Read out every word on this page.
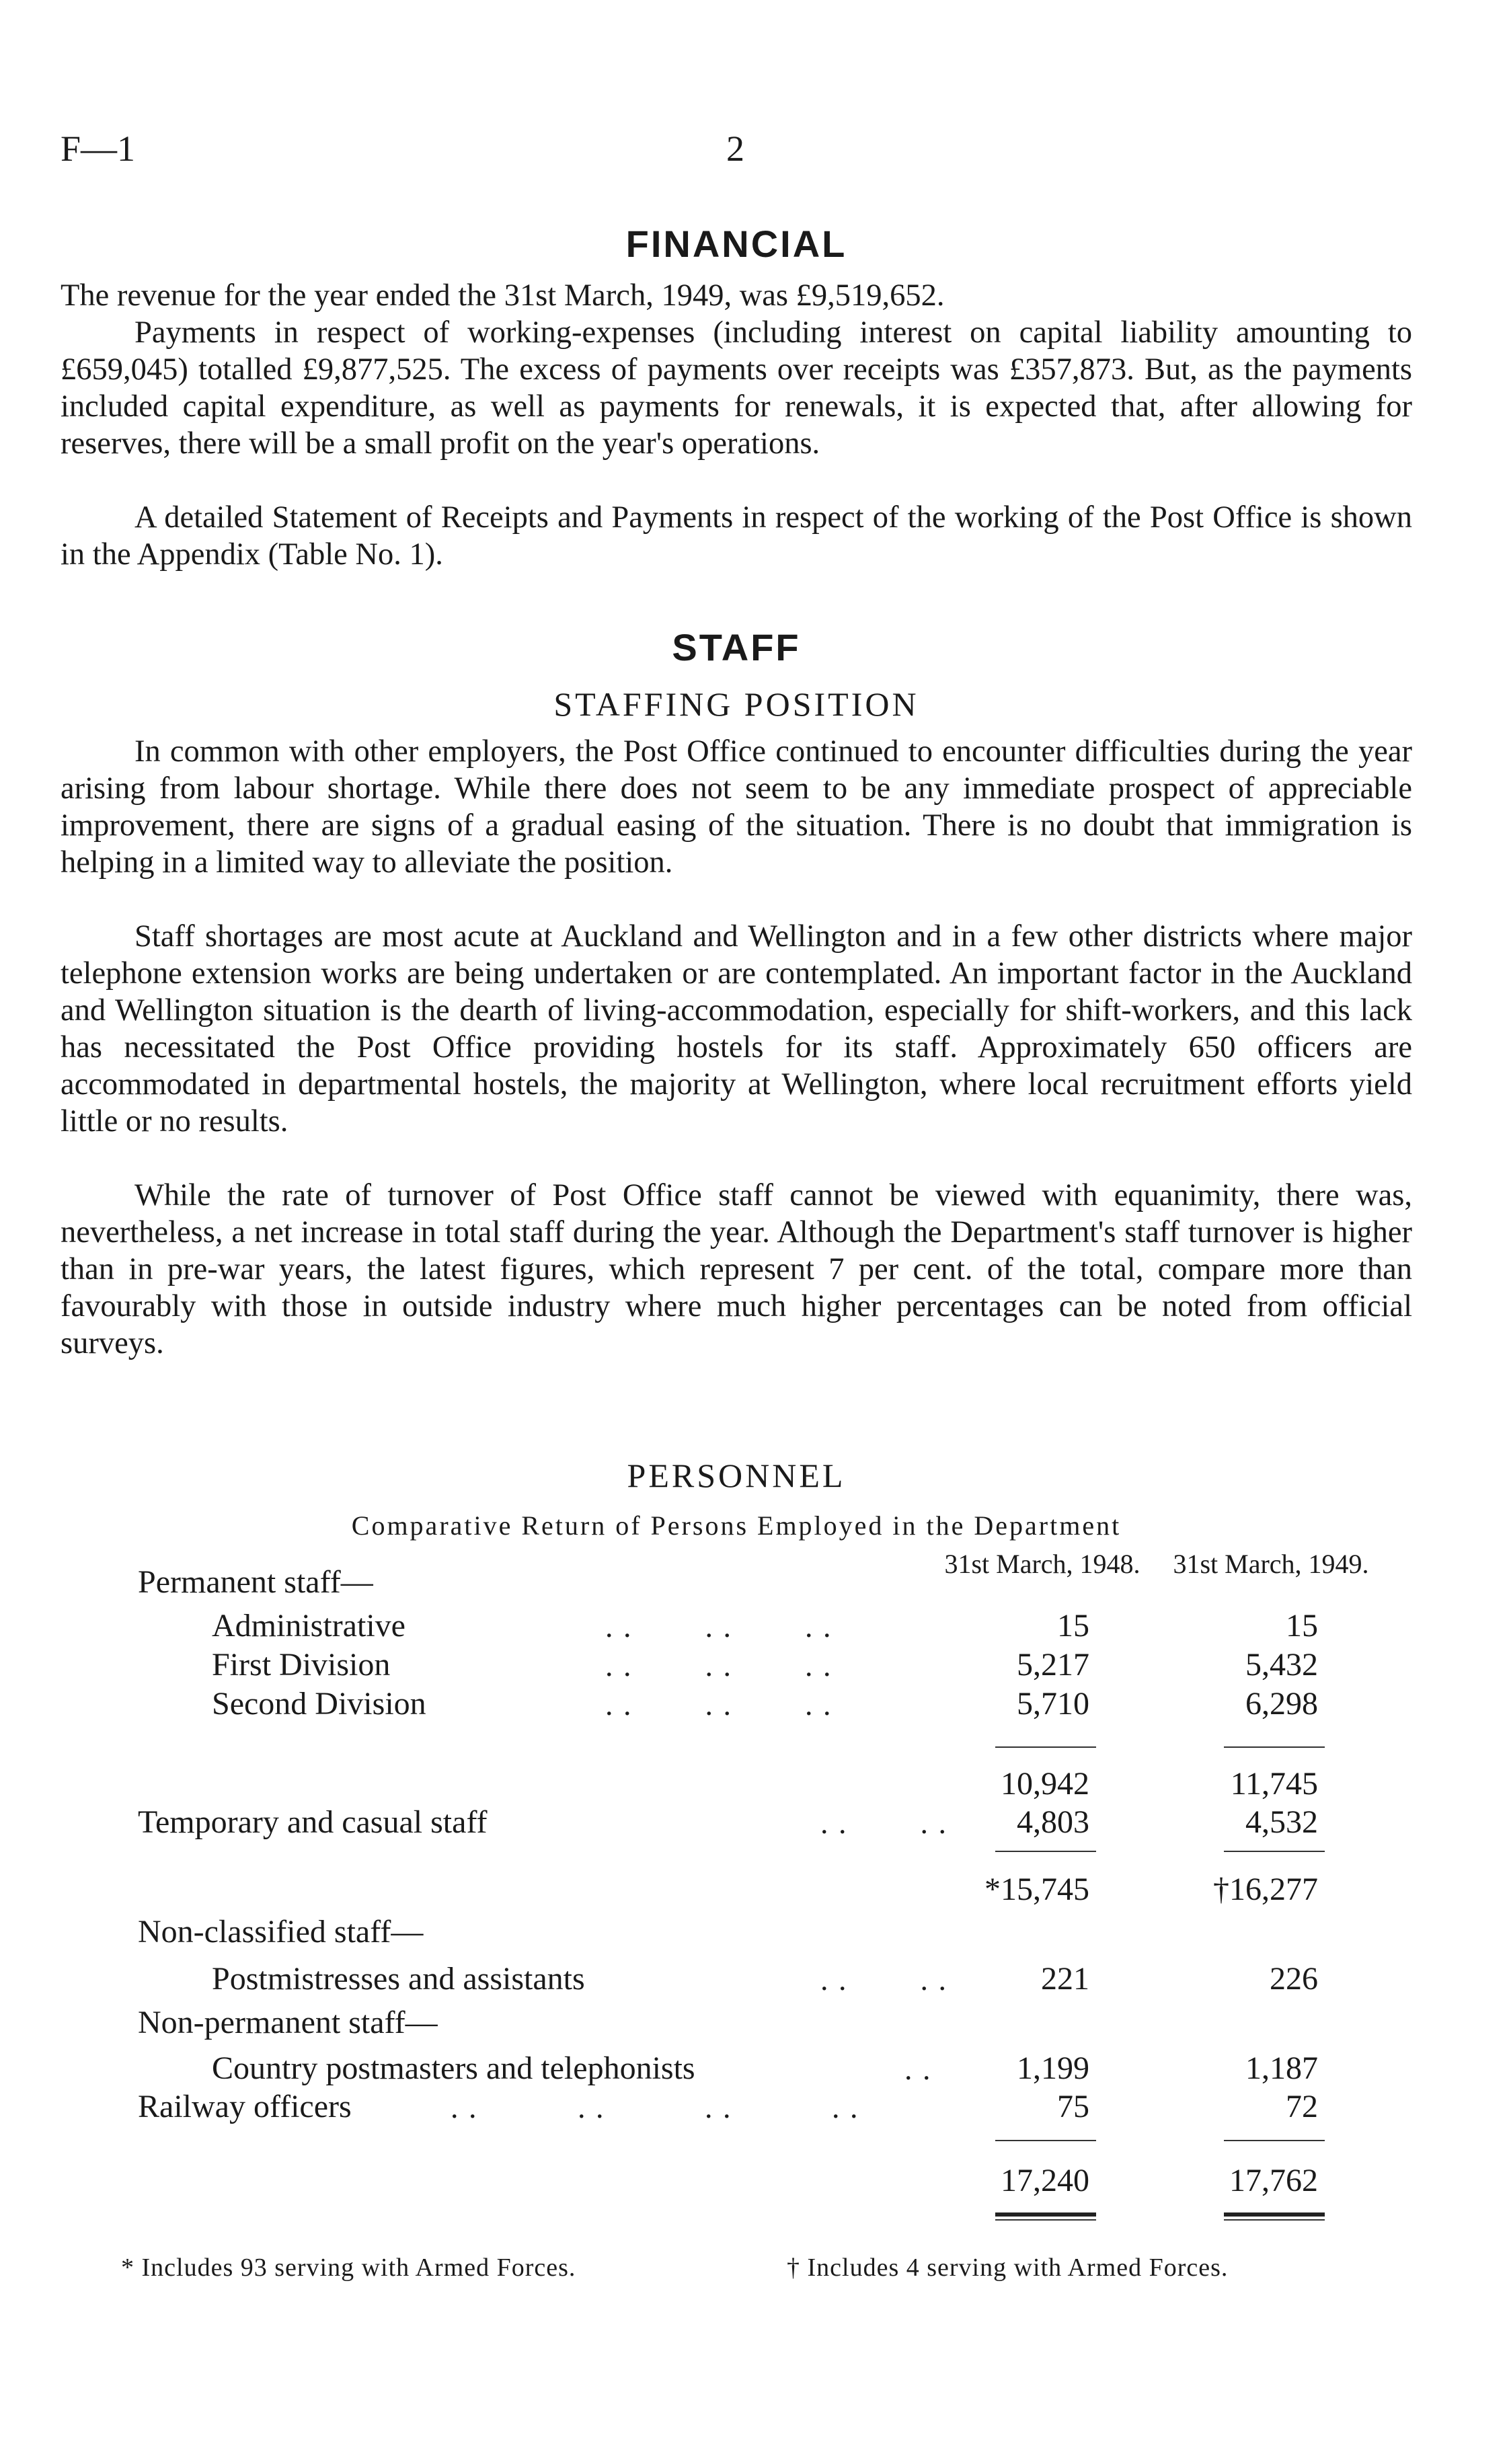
F—1	2
FINANCIAL
The revenue for the year ended the 31st March, 1949, was £9,519,652.
Payments in respect of working-expenses (including interest on capital liability amounting to £659,045) totalled £9,877,525. The excess of payments over receipts was £357,873. But, as the payments included capital expenditure, as well as payments for renewals, it is expected that, after allowing for reserves, there will be a small profit on the year's operations.
A detailed Statement of Receipts and Payments in respect of the working of the Post Office is shown in the Appendix (Table No. 1).
STAFF
STAFFING POSITION
In common with other employers, the Post Office continued to encounter difficulties during the year arising from labour shortage. While there does not seem to be any immediate prospect of appreciable improvement, there are signs of a gradual easing of the situation. There is no doubt that immigration is helping in a limited way to alleviate the position.
Staff shortages are most acute at Auckland and Wellington and in a few other districts where major telephone extension works are being undertaken or are contemplated. An important factor in the Auckland and Wellington situation is the dearth of living-accommodation, especially for shift-workers, and this lack has necessitated the Post Office providing hostels for its staff. Approximately 650 officers are accommodated in departmental hostels, the majority at Wellington, where local recruitment efforts yield little or no results.
While the rate of turnover of Post Office staff cannot be viewed with equanimity, there was, nevertheless, a net increase in total staff during the year. Although the Department's staff turnover is higher than in pre-war years, the latest figures, which represent 7 per cent. of the total, compare more than favourably with those in outside industry where much higher percentages can be noted from official surveys.
PERSONNEL
Comparative Return of Persons Employed in the Department
Permanent staff—
31st March, 1948. 31st March, 1949.
Administrative	. .        . .        . .	15	15
First Division	. .        . .        . .	5,217	5,432
Second Division	. .        . .        . .	5,710	6,298
10,942	11,745
Temporary and casual staff	. .        . .	4,803	4,532
*15,745	†16,277
Non-classified staff—
Postmistresses and assistants	. .        . .	221	226
Non-permanent staff—
Country postmasters and telephonists	. .	1,199	1,187
Railway officers	. .           . .           . .           . .	75	72
17,240	17,762
* Includes 93 serving with Armed Forces.	† Includes 4 serving with Armed Forces.
